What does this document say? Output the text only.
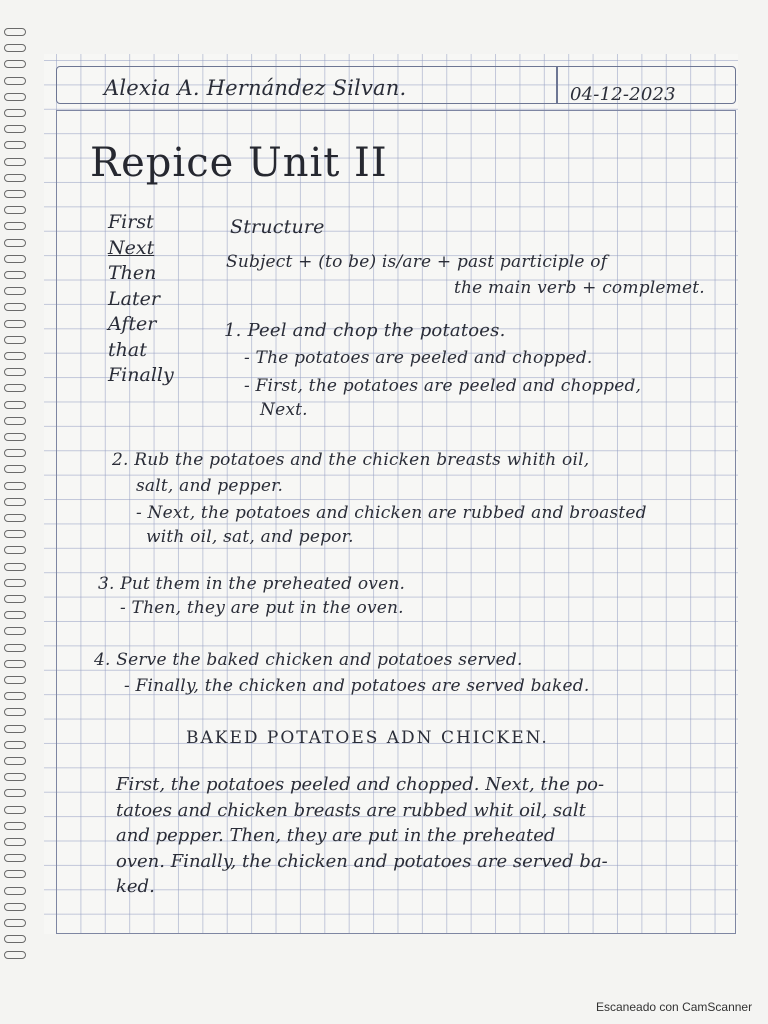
Alexia A. Hernández Silvan.	04-12-2023
Repice Unit II
First
Next
Then
Later
After
that
Finally
Structure
Subject + (to be) is/are + past participle of
the main verb + complemet.
1. Peel and chop the potatoes.
- The potatoes are peeled and chopped.
- First, the potatoes are peeled and chopped,
Next.
2. Rub the potatoes and the chicken breasts whith oil,
salt, and pepper.
- Next, the potatoes and chicken are rubbed and broasted
with oil, sat, and pepor.
3. Put them in the preheated oven.
- Then, they are put in the oven.
4. Serve the baked chicken and potatoes served.
- Finally, the chicken and potatoes are served baked.
BAKED POTATOES ADN CHICKEN.
First, the potatoes peeled and chopped. Next, the po-
tatoes and chicken breasts are rubbed whit oil, salt
and pepper. Then, they are put in the preheated
oven. Finally, the chicken and potatoes are served ba-
ked.
Escaneado con CamScanner
